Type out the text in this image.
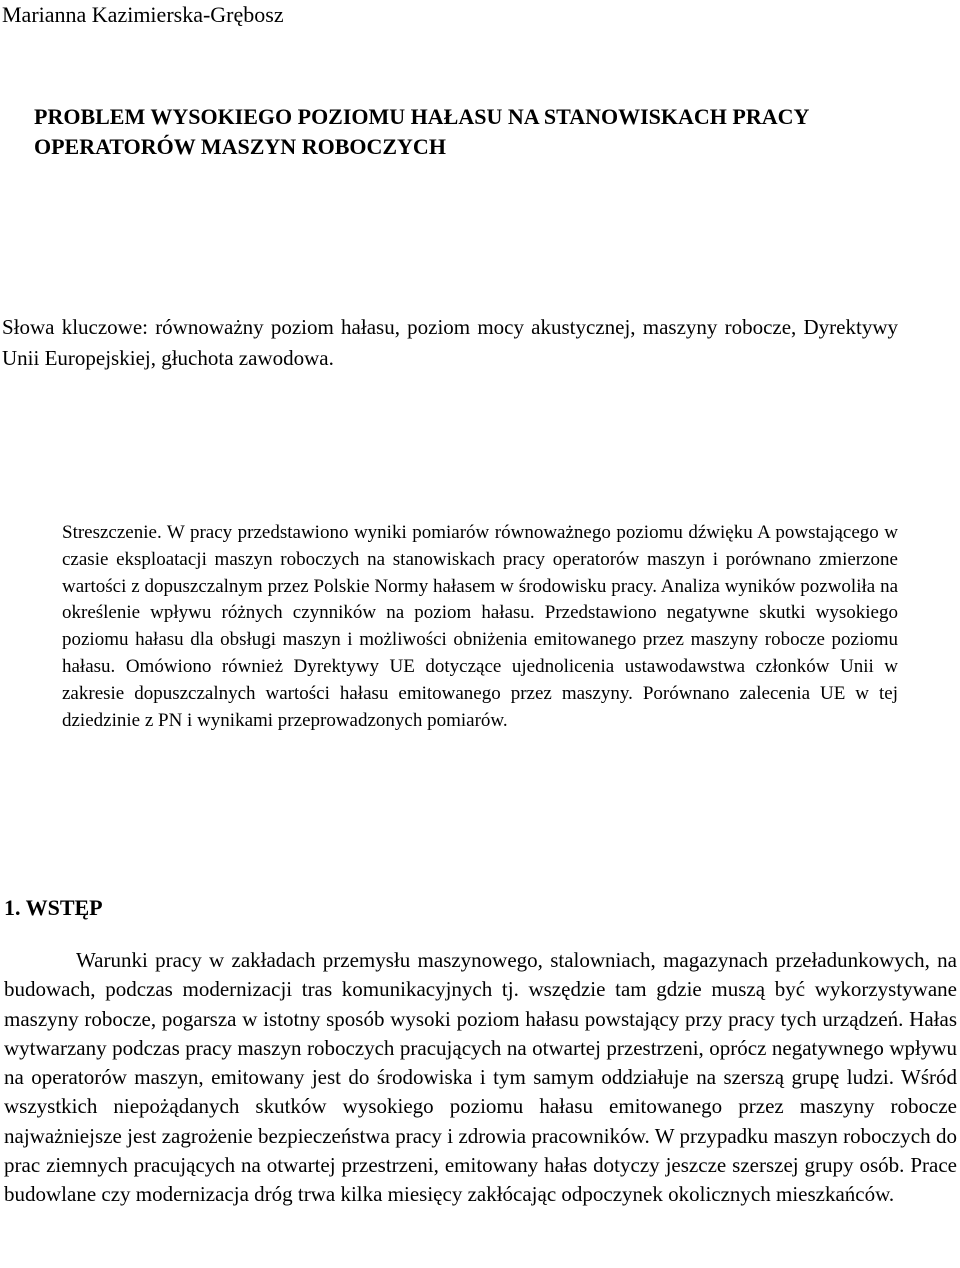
Marianna Kazimierska-Grębosz

PROBLEM WYSOKIEGO POZIOMU HAŁASU NA STANOWISKACH PRACY
OPERATORÓW MASZYN ROBOCZYCH

Słowa kluczowe: równoważny poziom hałasu, poziom mocy akustycznej, maszyny robocze, Dyrektywy Unii Europejskiej, głuchota zawodowa.

Streszczenie. W pracy przedstawiono wyniki pomiarów równoważnego poziomu dźwięku A powstającego w czasie eksploatacji maszyn roboczych na stanowiskach pracy operatorów maszyn i porównano zmierzone wartości z dopuszczalnym przez Polskie Normy hałasem w środowisku pracy. Analiza wyników pozwoliła na określenie wpływu różnych czynników na poziom hałasu. Przedstawiono negatywne skutki wysokiego poziomu hałasu dla obsługi maszyn i możliwości obniżenia emitowanego przez maszyny robocze poziomu hałasu. Omówiono również Dyrektywy UE dotyczące ujednolicenia ustawodawstwa członków Unii w zakresie dopuszczalnych wartości hałasu emitowanego przez maszyny. Porównano zalecenia UE w tej dziedzinie z PN i wynikami przeprowadzonych pomiarów.

1. WSTĘP

Warunki pracy w zakładach przemysłu maszynowego, stalowniach, magazynach przeładunkowych, na budowach, podczas modernizacji tras komunikacyjnych tj. wszędzie tam gdzie muszą być wykorzystywane maszyny robocze, pogarsza w istotny sposób wysoki poziom hałasu powstający przy pracy tych urządzeń. Hałas wytwarzany podczas pracy maszyn roboczych pracujących na otwartej przestrzeni, oprócz negatywnego wpływu na operatorów maszyn, emitowany jest do środowiska i tym samym oddziałuje na szerszą grupę ludzi. Wśród wszystkich niepożądanych skutków wysokiego poziomu hałasu emitowanego przez maszyny robocze najważniejsze jest zagrożenie bezpieczeństwa pracy i zdrowia pracowników. W przypadku maszyn roboczych do prac ziemnych pracujących na otwartej przestrzeni, emitowany hałas dotyczy jeszcze szerszej grupy osób. Prace budowlane czy modernizacja dróg trwa kilka miesięcy zakłócając odpoczynek okolicznych mieszkańców.
